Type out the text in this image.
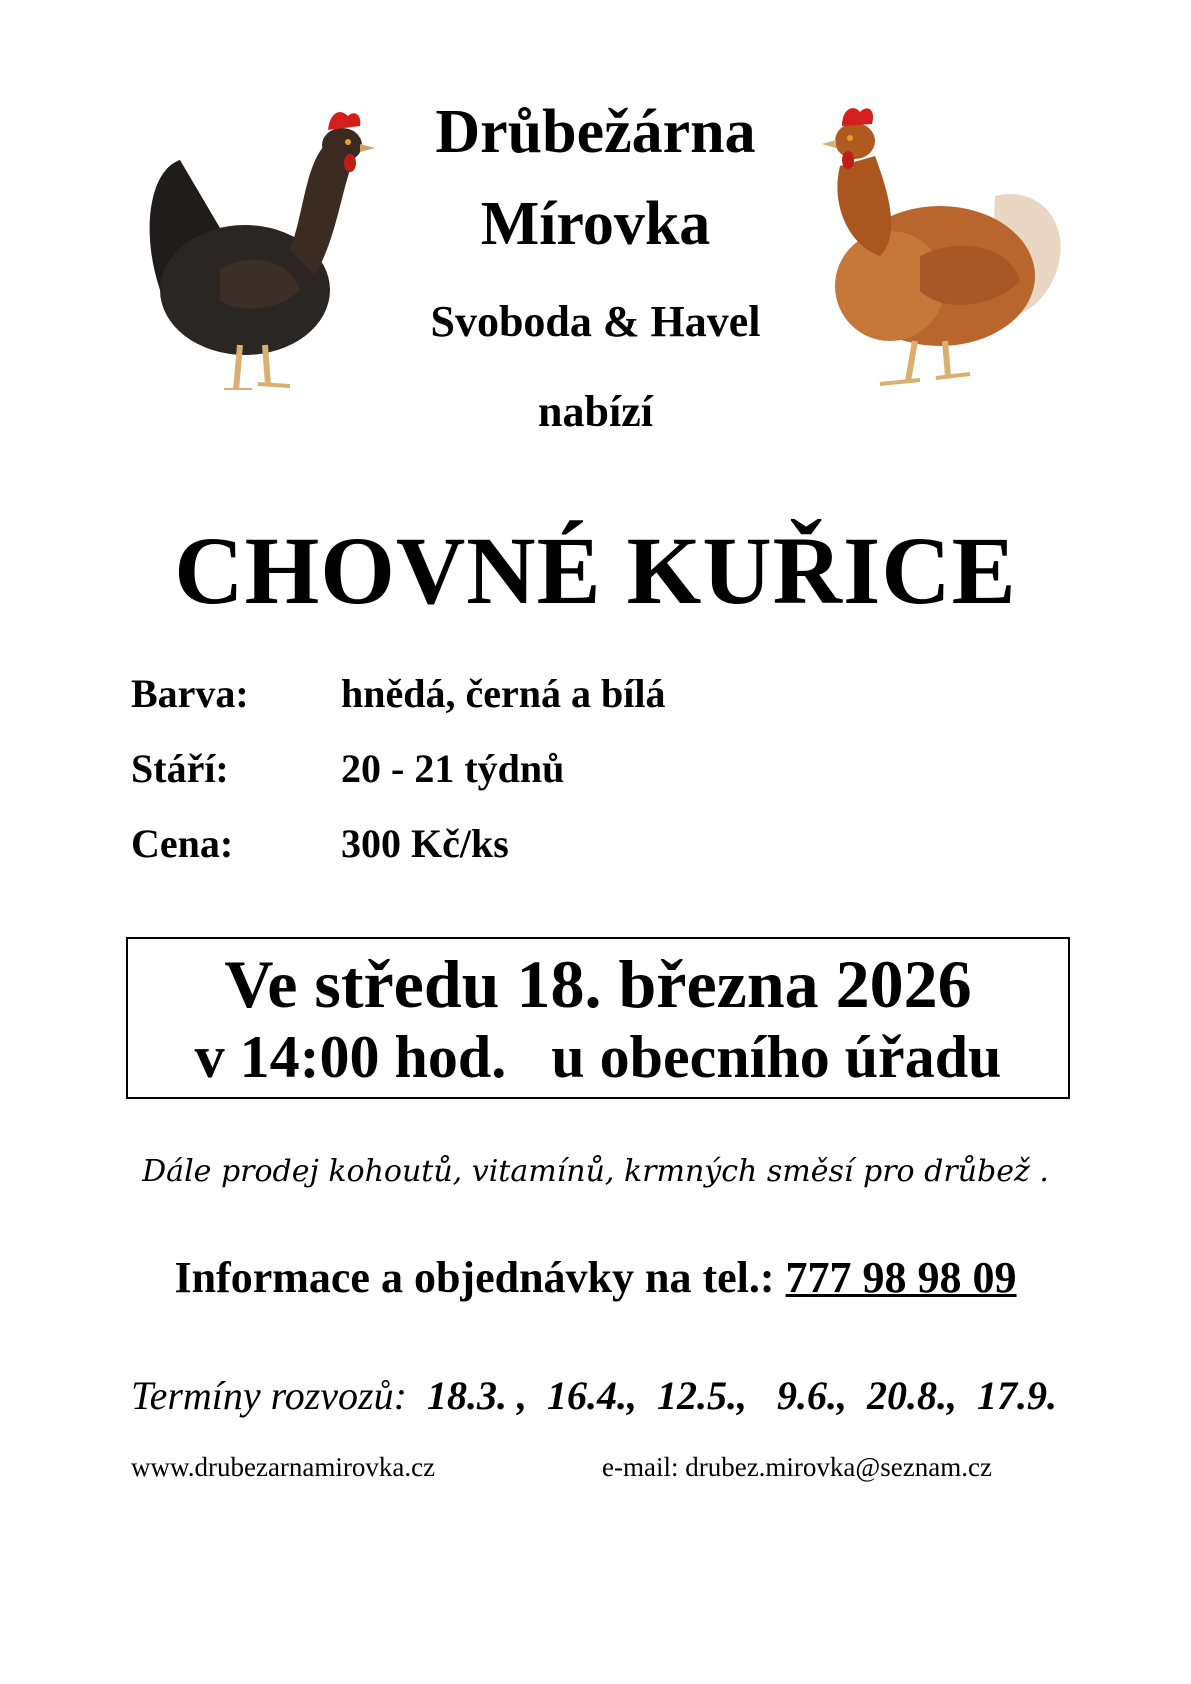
Drůbežárna
Mírovka
Svoboda & Havel
nabízí
CHOVNÉ KUŘICE
Barva: hnědá, černá a bílá
Stáří:	20 - 21 týdnů
Cena:	300 Kč/ks
Ve středu 18. března 2026
v 14:00 hod.   u obecního úřadu
Dále prodej kohoutů, vitamínů, krmných směsí pro drůbež .
Informace a objednávky na tel.: 777 98 98 09
Termíny rozvozů:  18.3. ,  16.4.,  12.5.,   9.6.,  20.8.,  17.9.
www.drubezarnamirovka.cz	e-mail: drubez.mirovka@seznam.cz
